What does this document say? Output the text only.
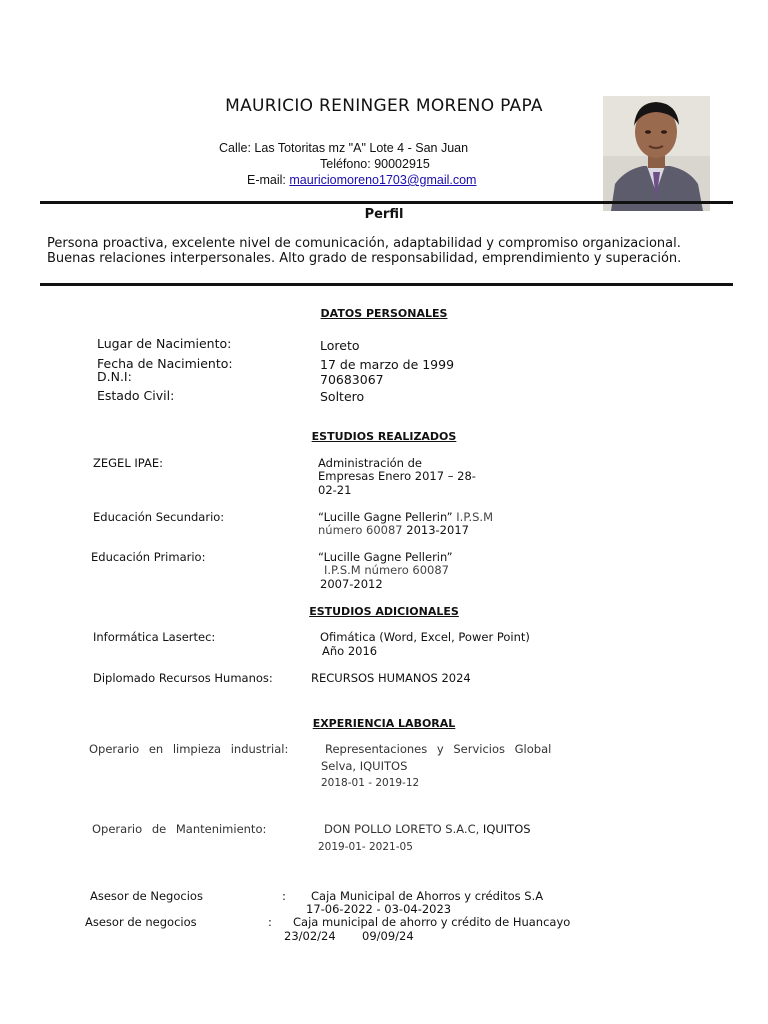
MAURICIO RENINGER MORENO PAPA
Calle: Las Totoritas mz "A" Lote 4 - San Juan
Teléfono: 90002915
E-mail: mauriciomoreno1703@gmail.com
Perfil
Persona proactiva, excelente nivel de comunicación, adaptabilidad y compromiso organizacional.
Buenas relaciones interpersonales. Alto grado de responsabilidad, emprendimiento y superación.
DATOS PERSONALES
Lugar de Nacimiento:	Loreto
Fecha de Nacimiento:	17 de marzo de 1999
D.N.I:	70683067
Estado Civil:	Soltero
ESTUDIOS REALIZADOS
ZEGEL IPAE:	Administración de
Empresas Enero 2017 – 28-
02-21
Educación Secundario:	“Lucille Gagne Pellerin” I.P.S.M
número 60087 2013-2017
Educación Primario:	“Lucille Gagne Pellerin”
I.P.S.M número 60087
2007-2012
ESTUDIOS ADICIONALES
Informática Lasertec:	Ofimática (Word, Excel, Power Point)
Año 2016
Diplomado Recursos Humanos:	RECURSOS HUMANOS 2024
EXPERIENCIA LABORAL
Operario en limpieza industrial:	Representaciones y Servicios Global
Selva, IQUITOS
2018-01 - 2019-12
Operario de Mantenimiento:	DON POLLO LORETO S.A.C, IQUITOS
2019-01- 2021-05
Asesor de Negocios	: Caja Municipal de Ahorros y créditos S.A
17-06-2022 - 03-04-2023
Asesor de negocios	: Caja municipal de ahorro y crédito de Huancayo
23/02/24 09/09/24
